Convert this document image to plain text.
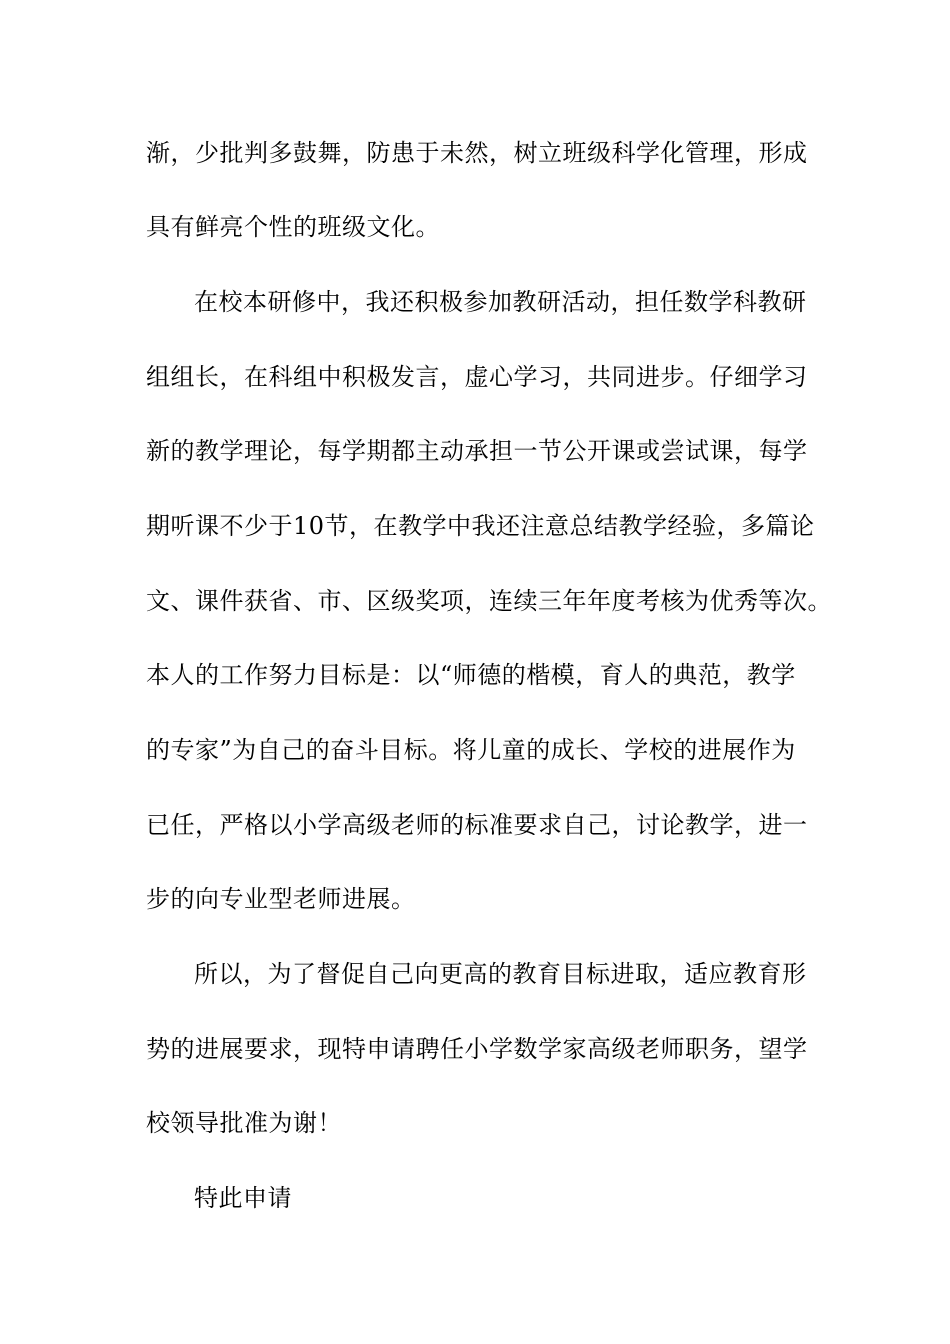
渐，少批判多鼓舞，防患于未然，树立班级科学化管理，形成
具有鲜亮个性的班级文化。
在校本研修中，我还积极参加教研活动，担任数学科教研
组组长，在科组中积极发言，虚心学习，共同进步。仔细学习
新的教学理论，每学期都主动承担一节公开课或尝试课，每学
期听课不少于10节，在教学中我还注意总结教学经验，多篇论
文、课件获省、市、区级奖项，连续三年年度考核为优秀等次。
本人的工作努力目标是：以“师德的楷模，育人的典范，教学
的专家”为自己的奋斗目标。将儿童的成长、学校的进展作为
已任，严格以小学高级老师的标准要求自己，讨论教学，进一
步的向专业型老师进展。
所以，为了督促自己向更高的教育目标进取，适应教育形
势的进展要求，现特申请聘任小学数学家高级老师职务，望学
校领导批准为谢！
特此申请
